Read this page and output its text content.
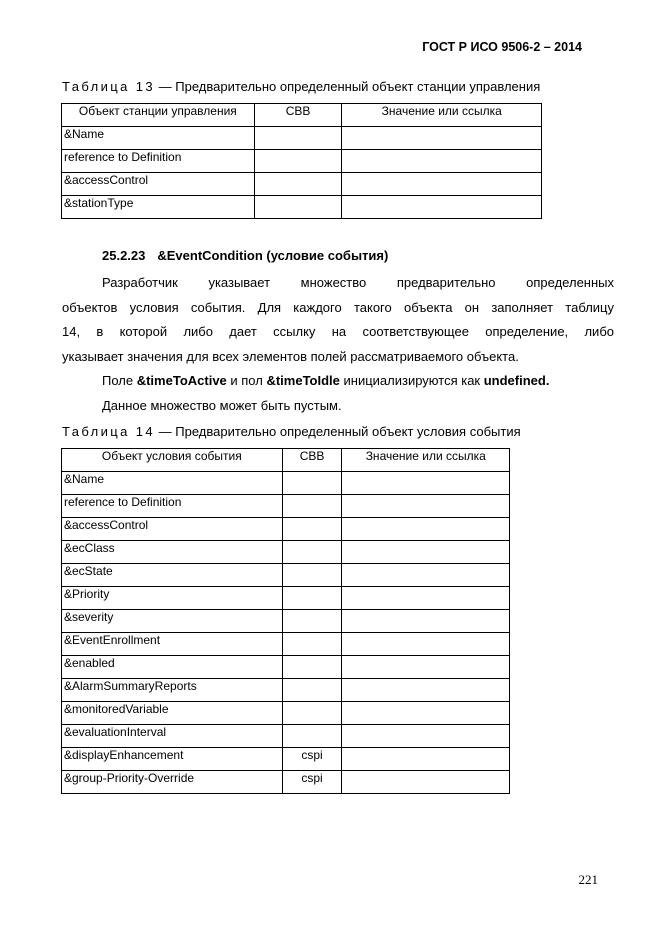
ГОСТ Р ИСО 9506-2 – 2014
Таблица 13 — Предварительно определенный объект станции управления
Объект станции управления	СВВ	Значение или ссылка
&Name		
reference to Definition		
&accessControl		
&stationType		
25.2.23 &EventCondition (условие события)
Разработчик указывает множество предварительно определенных
объектов условия события. Для каждого такого объекта он заполняет таблицу
14, в которой либо дает ссылку на соответствующее определение, либо
указывает значения для всех элементов полей рассматриваемого объекта.
Поле &timeToActive и пол &timeToIdle инициализируются как undefined.
Данное множество может быть пустым.
Таблица 14 — Предварительно определенный объект условия события
Объект условия события	СВВ	Значение или ссылка
&Name		
reference to Definition		
&accessControl		
&ecClass		
&ecState		
&Priority		
&severity		
&EventEnrollment		
&enabled		
&AlarmSummaryReports		
&monitoredVariable		
&evaluationInterval		
&displayEnhancement	cspi	
&group-Priority-Override	cspi	
221
